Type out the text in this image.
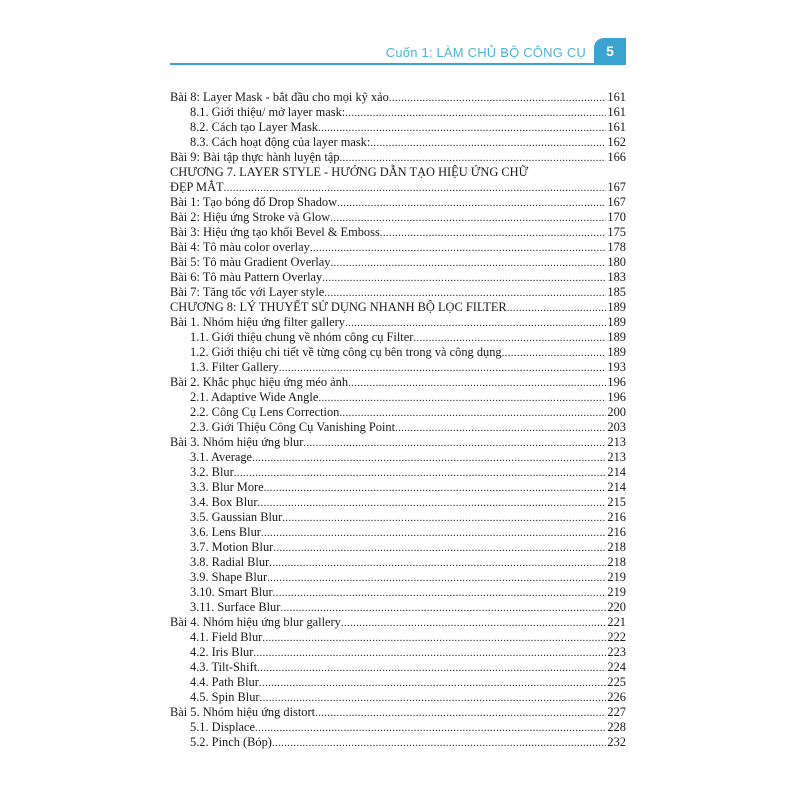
Cuốn 1: LÀM CHỦ BỘ CÔNG CỤ	5
Bài 8: Layer Mask - bắt đầu cho mọi kỹ xảo .....	161
8.1. Giới thiệu/ mở layer mask: .....	161
8.2. Cách tạo Layer Mask .....	161
8.3. Cách hoạt động của layer mask: .....	162
Bài 9: Bài tập thực hành luyện tập .....	166
CHƯƠNG 7. LAYER STYLE - HƯỚNG DẪN TẠO HIỆU ỨNG CHỮ
ĐẸP MẮT .....	167
Bài 1: Tạo bóng đổ Drop Shadow .....	167
Bài 2: Hiệu ứng Stroke và Glow .....	170
Bài 3: Hiệu ứng tạo khối Bevel & Emboss .....	175
Bài 4: Tô màu color overlay .....	178
Bài 5: Tô màu Gradient Overlay .....	180
Bài 6: Tô màu Pattern Overlay .....	183
Bài 7: Tăng tốc với Layer style .....	185
CHƯƠNG 8: LÝ THUYẾT SỬ DỤNG NHANH BỘ LỌC FILTER .....	189
Bài 1. Nhóm hiệu ứng filter gallery .....	189
1.1. Giới thiệu chung về nhóm công cụ Filter .....	189
1.2. Giới thiệu chi tiết về từng công cụ bên trong và công dụng .....	189
1.3. Filter Gallery .....	193
Bài 2. Khắc phục hiệu ứng méo ảnh .....	196
2.1. Adaptive Wide Angle .....	196
2.2. Công Cụ Lens Correction .....	200
2.3. Giới Thiệu Công Cụ Vanishing Point .....	203
Bài 3. Nhóm hiệu ứng blur .....	213
3.1. Average .....	213
3.2. Blur .....	214
3.3. Blur More .....	214
3.4. Box Blur .....	215
3.5. Gaussian Blur .....	216
3.6. Lens Blur .....	216
3.7. Motion Blur .....	218
3.8. Radial Blur .....	218
3.9. Shape Blur .....	219
3.10. Smart Blur .....	219
3.11. Surface Blur .....	220
Bài 4. Nhóm hiệu ứng blur gallery .....	221
4.1. Field Blur .....	222
4.2. Iris Blur .....	223
4.3. Tilt-Shift .....	224
4.4. Path Blur .....	225
4.5. Spin Blur .....	226
Bài 5. Nhóm hiệu ứng distort .....	227
5.1. Displace .....	228
5.2. Pinch (Bóp) .....	232
